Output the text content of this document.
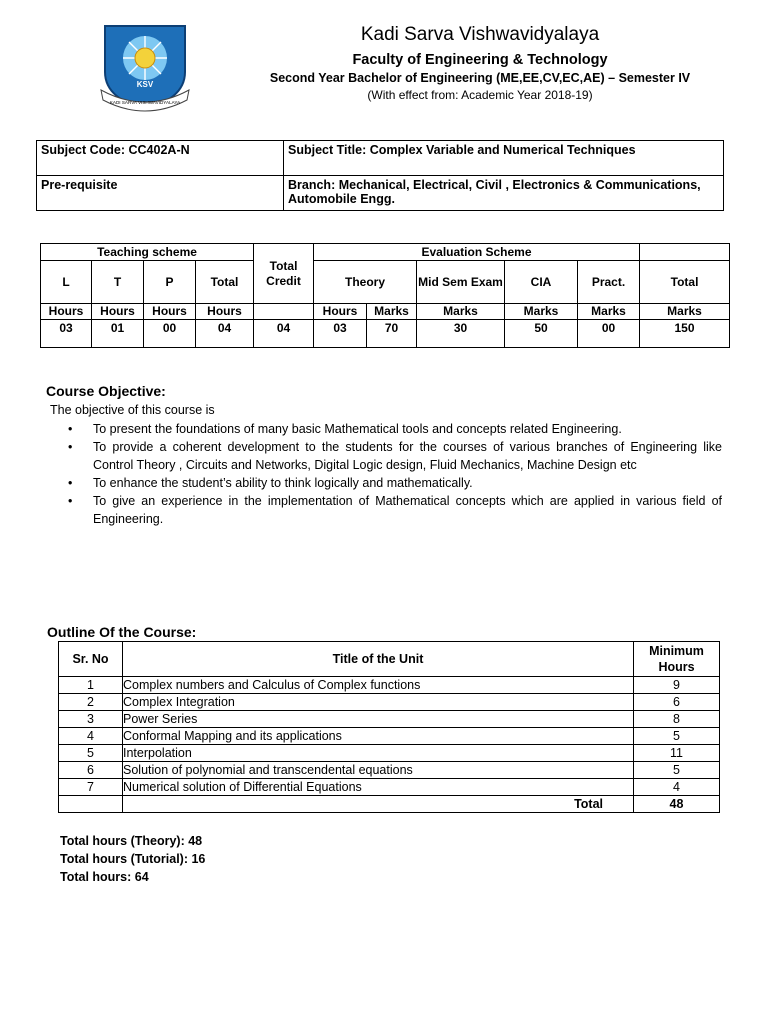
KSV
KADI SARVA VISHWAVIDYALAYA
Kadi Sarva Vishwavidyalaya
Faculty of Engineering & Technology
Second Year Bachelor of Engineering (ME,EE,CV,EC,AE) – Semester IV
(With effect from: Academic Year 2018-19)
Subject Code: CC402A-N	Subject Title: Complex Variable and Numerical Techniques
Pre-requisite	Branch: Mechanical, Electrical, Civil , Electronics & Communications, Automobile Engg.
Teaching scheme				Total Credit	Evaluation Scheme					
L	T	P	Total		Theory		Mid Sem Exam	CIA	Pract.	Total
Hours	Hours	Hours	Hours		Hours	Marks	Marks	Marks	Marks	Marks
03	01	00	04	04	03	70	30	50	00	150
Course Objective:
The objective of this course is
• To present the foundations of many basic Mathematical tools and concepts related Engineering.
• To provide a coherent development to the students for the courses of various branches of Engineering like Control Theory , Circuits and Networks, Digital Logic design, Fluid Mechanics, Machine Design etc
• To enhance the student’s ability to think logically and mathematically.
• To give an experience in the implementation of Mathematical concepts which are applied in various field of Engineering.
Outline Of the Course:
Sr. No	Title of the Unit	Minimum Hours
1	Complex numbers and Calculus of Complex functions	9
2	Complex Integration	6
3	Power Series	8
4	Conformal Mapping and its applications	5
5	Interpolation	11
6	Solution of polynomial and transcendental equations	5
7	Numerical solution of Differential Equations	4
	Total	48
Total hours (Theory): 48
Total hours (Tutorial): 16
Total hours: 64
